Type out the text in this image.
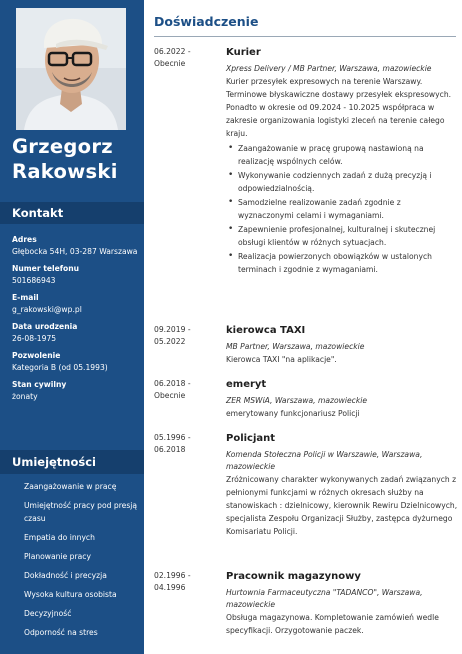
Grzegorz
Rakowski
Kontakt
Adres
Głębocka 54H, 03-287 Warszawa
Numer telefonu
501686943
E-mail
g_rakowski@wp.pl
Data urodzenia
26-08-1975
Pozwolenie
Kategoria B (od 05.1993)
Stan cywilny
żonaty
Umiejętności
Zaangażowanie w pracę
Umiejętność pracy pod presją czasu
Empatia do innych
Planowanie pracy
Dokładność i precyzja
Wysoka kultura osobista
Decyzyjność
Odporność na stres
Doświadczenie
06.2022 - Obecnie
Kurier
Xpress Delivery / MB Partner, Warszawa, mazowieckie
Kurier przesyłek expresowych na terenie Warszawy. Terminowe błyskawiczne dostawy przesyłek ekspresowych. Ponadto w okresie od 09.2024 - 10.2025 współpraca w zakresie organizowania logistyki zleceń na terenie całego kraju.
• Zaangażowanie w pracę grupową nastawioną na realizację wspólnych celów.
• Wykonywanie codziennych zadań z dużą precyzją i odpowiedzialnością.
• Samodzielne realizowanie zadań zgodnie z wyznaczonymi celami i wymaganiami.
• Zapewnienie profesjonalnej, kulturalnej i skutecznej obsługi klientów w różnych sytuacjach.
• Realizacja powierzonych obowiązków w ustalonych terminach i zgodnie z wymaganiami.
09.2019 - 05.2022
kierowca TAXI
MB Partner, Warszawa, mazowieckie
Kierowca TAXI "na aplikacje".
06.2018 - Obecnie
emeryt
ZER MSWiA, Warszawa, mazowieckie
emerytowany funkcjonariusz Policji
05.1996 - 06.2018
Policjant
Komenda Stołeczna Policji w Warszawie, Warszawa, mazowieckie
Zróżnicowany charakter wykonywanych zadań związanych z pełnionymi funkcjami w różnych okresach służby na stanowiskach : dzielnicowy, kierownik Rewiru Dzielnicowych, specjalista Zespołu Organizacji Służby, zastępca dyżurnego Komisariatu Policji.
02.1996 - 04.1996
Pracownik magazynowy
Hurtownia Farmaceutyczna "TADANCO", Warszawa, mazowieckie
Obsługa magazynowa. Kompletowanie zamówień wedle specyfikacji. Orzygotowanie paczek.
